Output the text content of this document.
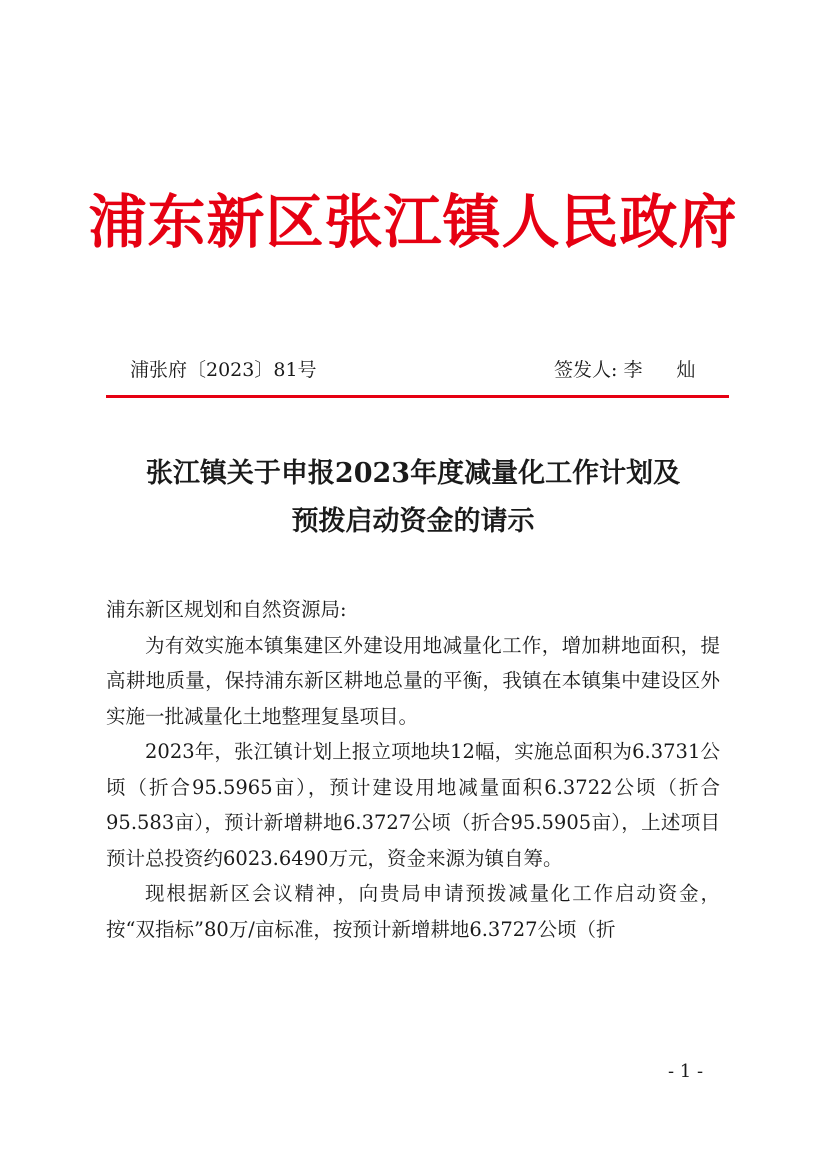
浦东新区张江镇人民政府
浦张府〔2023〕81号	签发人: 李 灿
张江镇关于申报2023年度减量化工作计划及
预拨启动资金的请示

浦东新区规划和自然资源局:

为有效实施本镇集建区外建设用地减量化工作，增加耕地面积，提高耕地质量，保持浦东新区耕地总量的平衡，我镇在本镇集中建设区外实施一批减量化土地整理复垦项目。

2023年，张江镇计划上报立项地块12幅，实施总面积为6.3731公顷（折合95.5965亩），预计建设用地减量面积6.3722公顷（折合95.583亩），预计新增耕地6.3727公顷（折合95.5905亩），上述项目预计总投资约6023.6490万元，资金来源为镇自筹。

现根据新区会议精神，向贵局申请预拨减量化工作启动资金，按“双指标”80万/亩标准，按预计新增耕地6.3727公顷（折

- 1 -
